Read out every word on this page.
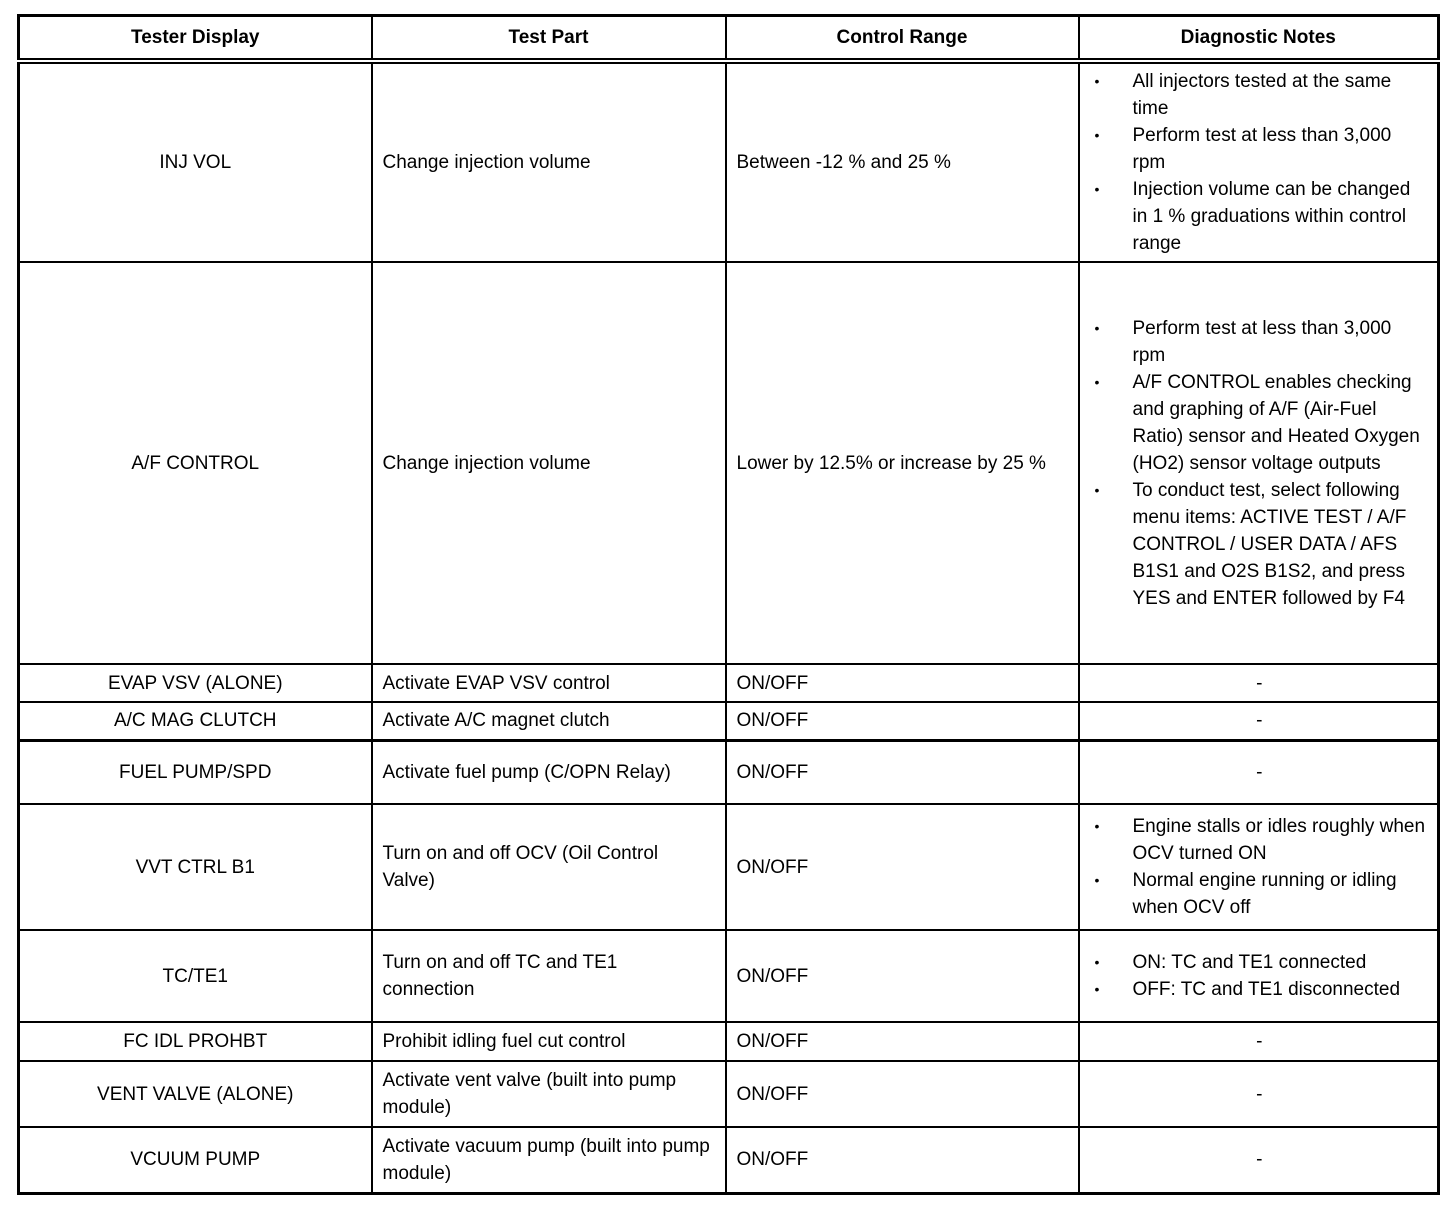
Tester Display	Test Part	Control Range	Diagnostic Notes
INJ VOL	Change injection volume	Between -12 % and 25 %	
•	All injectors tested at the same time
•	Perform test at less than 3,000 rpm
•	Injection volume can be changed in 1 % graduations within control range

A/F CONTROL	Change injection volume	Lower by 12.5% or increase by 25 %	
•	Perform test at less than 3,000 rpm
•	A/F CONTROL enables checking and graphing of A/F (Air-Fuel Ratio) sensor and Heated Oxygen (HO2) sensor voltage outputs
•	To conduct test, select following menu items: ACTIVE TEST / A/F CONTROL / USER DATA / AFS B1S1 and O2S B1S2, and press YES and ENTER followed by F4

EVAP VSV (ALONE)	Activate EVAP VSV control	ON/OFF	-
A/C MAG CLUTCH	Activate A/C magnet clutch	ON/OFF	-
FUEL PUMP/SPD	Activate fuel pump (C/OPN Relay)	ON/OFF	-
VVT CTRL B1	Turn on and off OCV (Oil Control Valve)	ON/OFF	
•	Engine stalls or idles roughly when OCV turned ON
•	Normal engine running or idling when OCV off

TC/TE1	Turn on and off TC and TE1 connection	ON/OFF	
•	ON: TC and TE1 connected
•	OFF: TC and TE1 disconnected

FC IDL PROHBT	Prohibit idling fuel cut control	ON/OFF	-
VENT VALVE (ALONE)	Activate vent valve (built into pump module)	ON/OFF	-
VCUUM PUMP	Activate vacuum pump (built into pump module)	ON/OFF	-
